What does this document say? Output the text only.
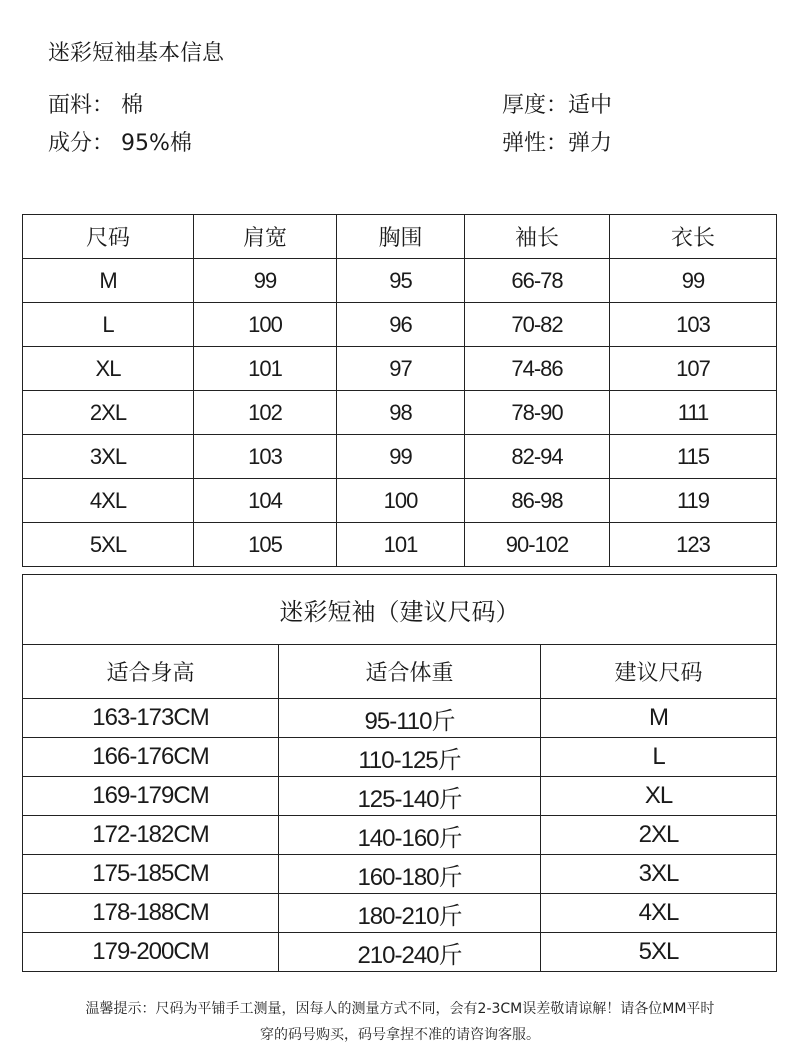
迷彩短袖基本信息
面料： 棉	厚度：适中
成分： 95%棉	弹性：弹力
尺码	肩宽	胸围	袖长	衣长
M	99	95	66-78	99
L	100	96	70-82	103
XL	101	97	74-86	107
2XL	102	98	78-90	111
3XL	103	99	82-94	115
4XL	104	100	86-98	119
5XL	105	101	90-102	123
迷彩短袖（建议尺码）		
适合身高	适合体重	建议尺码
163-173CM	95-110斤	M
166-176CM	110-125斤	L
169-179CM	125-140斤	XL
172-182CM	140-160斤	2XL
175-185CM	160-180斤	3XL
178-188CM	180-210斤	4XL
179-200CM	210-240斤	5XL
温馨提示：尺码为平铺手工测量，因每人的测量方式不同，会有2-3CM误差敬请谅解！请各位MM平时
穿的码号购买，码号拿捏不准的请咨询客服。
